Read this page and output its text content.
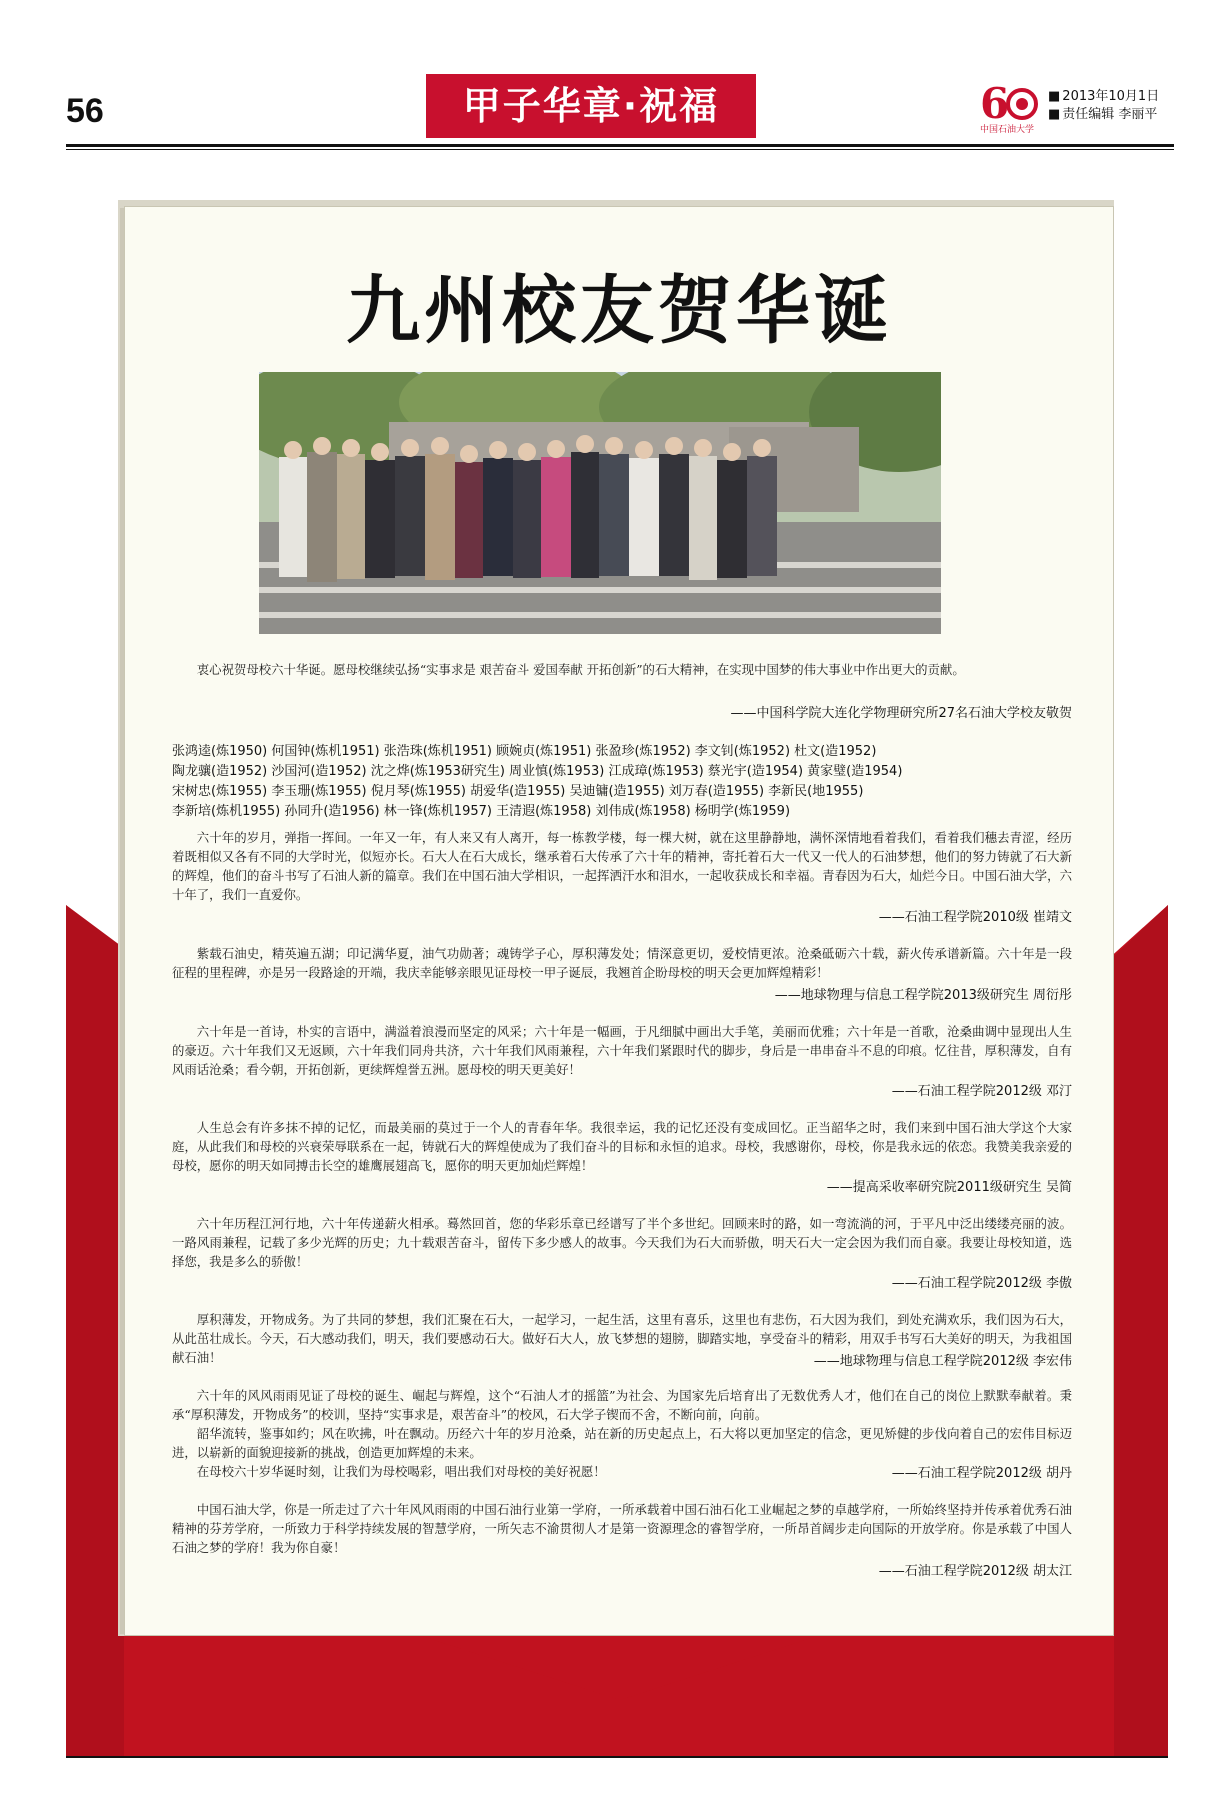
56	甲子华章·祝福	6
中国石油大学
■ 2013年10月1日
■ 责任编辑 李丽平
九州校友贺华诞
衷心祝贺母校六十华诞。愿母校继续弘扬“实事求是 艰苦奋斗 爱国奉献 开拓创新”的石大精神，在实现中国梦的伟大事业中作出更大的贡献。
——中国科学院大连化学物理研究所27名石油大学校友敬贺
张鸿逵(炼1950) 何国钟(炼机1951) 张浩珠(炼机1951) 顾婉贞(炼1951) 张盈珍(炼1952) 李文钊(炼1952) 杜文(造1952)
陶龙骧(造1952) 沙国河(造1952) 沈之烨(炼1953研究生) 周业慎(炼1953) 江成璋(炼1953) 蔡光宇(造1954) 黄家璧(造1954)
宋树忠(炼1955) 李玉珊(炼1955) 倪月琴(炼1955) 胡爱华(造1955) 吴迪镛(造1955) 刘万春(造1955) 李新民(地1955)
李新培(炼机1955) 孙同升(造1956) 林一锋(炼机1957) 王清遐(炼1958) 刘伟成(炼1958) 杨明学(炼1959)
六十年的岁月，弹指一挥间。一年又一年，有人来又有人离开，每一栋教学楼，每一棵大树，就在这里静静地，满怀深情地看着我们，看着我们穗去青涩，经历着既相似又各有不同的大学时光，似短亦长。石大人在石大成长，继承着石大传承了六十年的精神，寄托着石大一代又一代人的石油梦想，他们的努力铸就了石大新的辉煌，他们的奋斗书写了石油人新的篇章。我们在中国石油大学相识，一起挥洒汗水和泪水，一起收获成长和幸福。青春因为石大，灿烂今日。中国石油大学，六十年了，我们一直爱你。
——石油工程学院2010级 崔靖文
紫载石油史，精英遍五湖；印记满华夏，油气功勋著；魂铸学子心，厚积薄发处；情深意更切，爱校情更浓。沧桑砥砺六十载，薪火传承谱新篇。六十年是一段征程的里程碑，亦是另一段路途的开端，我庆幸能够亲眼见证母校一甲子诞辰，我翘首企盼母校的明天会更加辉煌精彩！
——地球物理与信息工程学院2013级研究生 周衍彤
六十年是一首诗，朴实的言语中，满溢着浪漫而坚定的风采；六十年是一幅画，于凡细腻中画出大手笔，美丽而优雅；六十年是一首歌，沧桑曲调中显现出人生的豪迈。六十年我们又无返顾，六十年我们同舟共济，六十年我们风雨兼程，六十年我们紧跟时代的脚步，身后是一串串奋斗不息的印痕。忆往昔，厚积薄发，自有风雨话沧桑；看今朝，开拓创新，更续辉煌誉五洲。愿母校的明天更美好！
——石油工程学院2012级 邓汀
人生总会有许多抹不掉的记忆，而最美丽的莫过于一个人的青春年华。我很幸运，我的记忆还没有变成回忆。正当韶华之时，我们来到中国石油大学这个大家庭，从此我们和母校的兴衰荣辱联系在一起，铸就石大的辉煌使成为了我们奋斗的目标和永恒的追求。母校，我感谢你，母校，你是我永远的依恋。我赞美我亲爱的母校，愿你的明天如同搏击长空的雄鹰展翅高飞，愿你的明天更加灿烂辉煌！
——提高采收率研究院2011级研究生 吴简
六十年历程江河行地，六十年传递薪火相承。蓦然回首，您的华彩乐章已经谱写了半个多世纪。回顾来时的路，如一弯流淌的河，于平凡中泛出缕缕亮丽的波。一路风雨兼程，记载了多少光辉的历史；九十载艰苦奋斗，留传下多少感人的故事。今天我们为石大而骄傲，明天石大一定会因为我们而自豪。我要让母校知道，选择您，我是多么的骄傲！
——石油工程学院2012级 李傲
厚积薄发，开物成务。为了共同的梦想，我们汇聚在石大，一起学习，一起生活，这里有喜乐，这里也有悲伤，石大因为我们，到处充满欢乐，我们因为石大，从此茁壮成长。今天，石大感动我们，明天，我们要感动石大。做好石大人，放飞梦想的翅膀，脚踏实地，享受奋斗的精彩，用双手书写石大美好的明天，为我祖国献石油！	——地球物理与信息工程学院2012级 李宏伟
六十年的风风雨雨见证了母校的诞生、崛起与辉煌，这个“石油人才的摇篮”为社会、为国家先后培育出了无数优秀人才，他们在自己的岗位上默默奉献着。秉承“厚积薄发，开物成务”的校训，坚持“实事求是，艰苦奋斗”的校风，石大学子锲而不舍，不断向前，向前。
韶华流转，鉴事如约；风在吹拂，叶在飘动。历经六十年的岁月沧桑，站在新的历史起点上，石大将以更加坚定的信念，更见矫健的步伐向着自己的宏伟目标迈进，以崭新的面貌迎接新的挑战，创造更加辉煌的未来。
在母校六十岁华诞时刻，让我们为母校喝彩，唱出我们对母校的美好祝愿！	——石油工程学院2012级 胡丹
中国石油大学，你是一所走过了六十年风风雨雨的中国石油行业第一学府，一所承载着中国石油石化工业崛起之梦的卓越学府，一所始终坚持并传承着优秀石油精神的芬芳学府，一所致力于科学持续发展的智慧学府，一所矢志不渝贯彻人才是第一资源理念的睿智学府，一所昂首阔步走向国际的开放学府。你是承载了中国人石油之梦的学府！我为你自豪！
——石油工程学院2012级 胡太江
